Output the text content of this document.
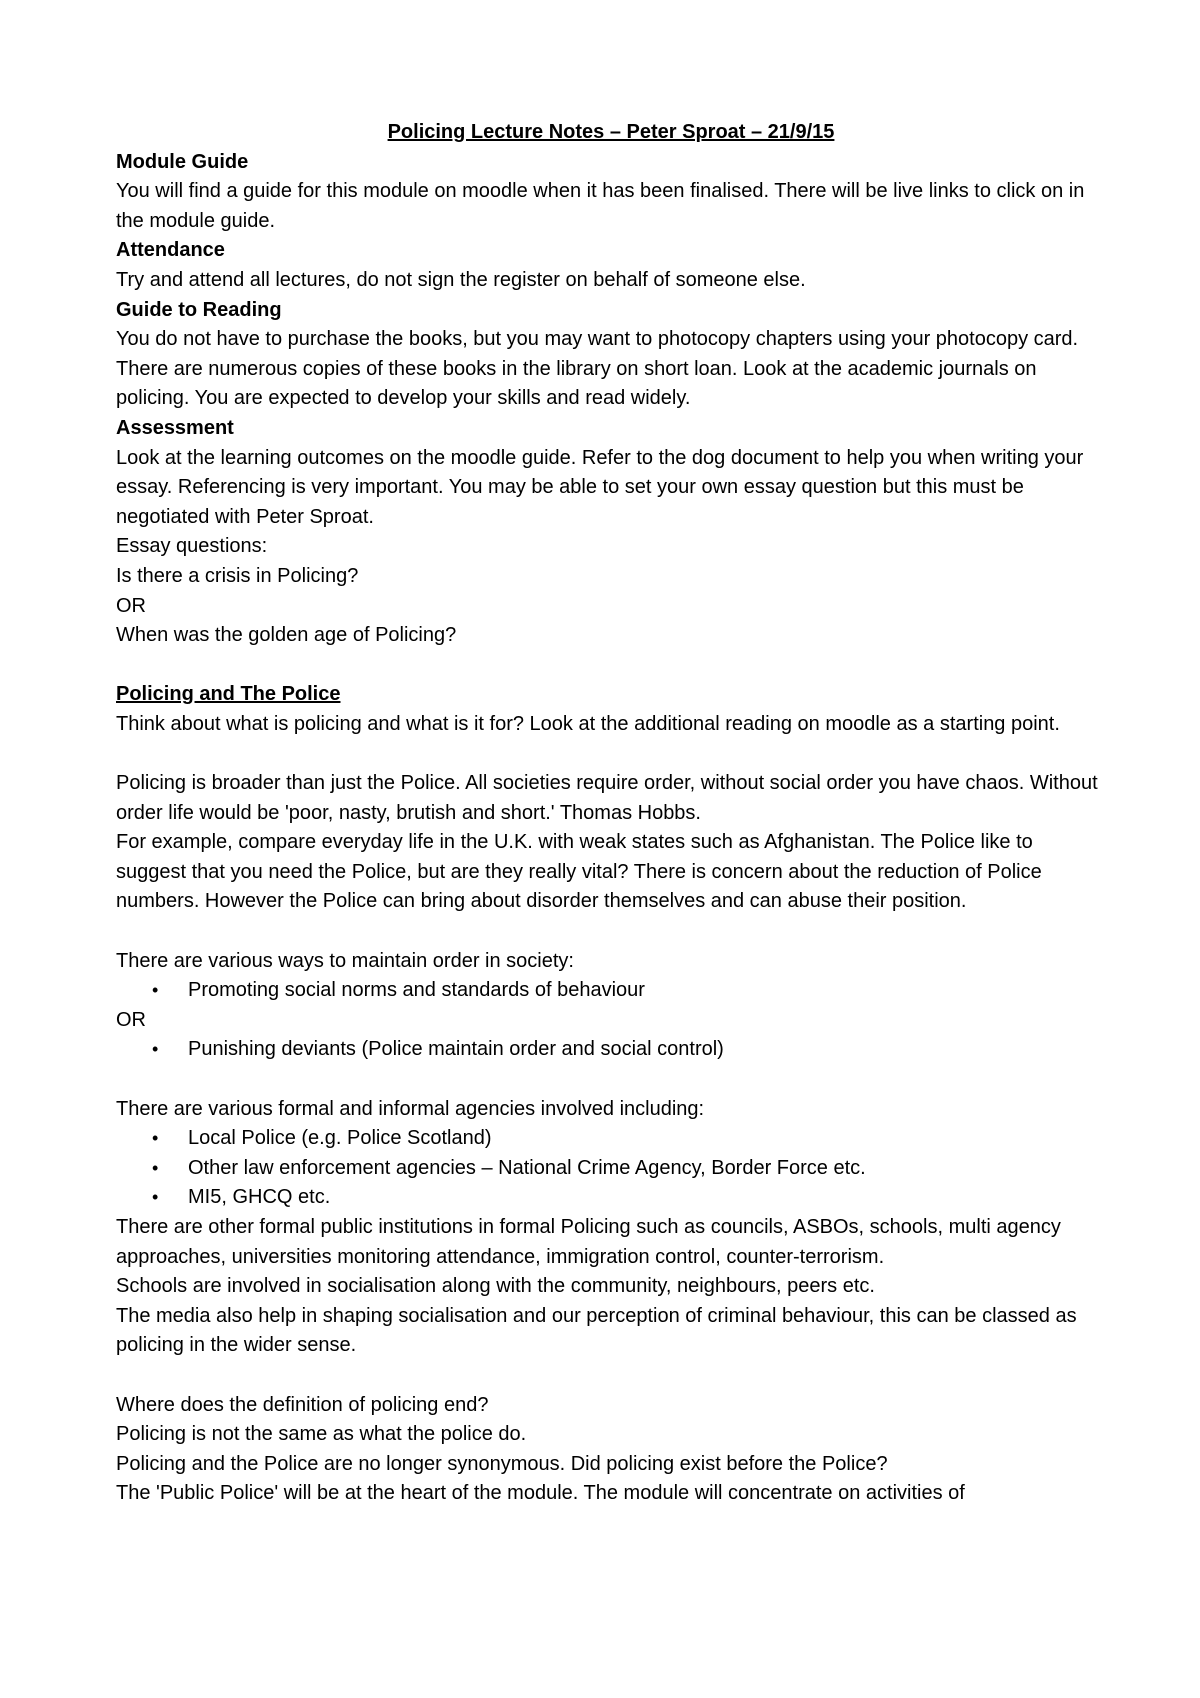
Policing Lecture Notes – Peter Sproat – 21/9/15

Module Guide

You will find a guide for this module on moodle when it has been finalised. There will be live links to click on in the module guide.

Attendance

Try and attend all lectures, do not sign the register on behalf of someone else.

Guide to Reading

You do not have to purchase the books, but you may want to photocopy chapters using your photocopy card. There are numerous copies of these books in the library on short loan. Look at the academic journals on policing. You are expected to develop your skills and read widely.

Assessment

Look at the learning outcomes on the moodle guide. Refer to the dog document to help you when writing your essay. Referencing is very important. You may be able to set your own essay question but this must be negotiated with Peter Sproat.

Essay questions:

Is there a crisis in Policing?

OR

When was the golden age of Policing?

Policing and The Police

Think about what is policing and what is it for? Look at the additional reading on moodle as a starting point.

Policing is broader than just the Police. All societies require order, without social order you have chaos. Without order life would be 'poor, nasty, brutish and short.' Thomas Hobbs.

For example, compare everyday life in the U.K. with weak states such as Afghanistan. The Police like to suggest that you need the Police, but are they really vital? There is concern about the reduction of Police numbers. However the Police can bring about disorder themselves and can abuse their position.

There are various ways to maintain order in society:

• Promoting social norms and standards of behaviour

OR

• Punishing deviants (Police maintain order and social control)

There are various formal and informal agencies involved including:

• Local Police (e.g. Police Scotland)
• Other law enforcement agencies – National Crime Agency, Border Force etc.
• MI5, GHCQ etc.

There are other formal public institutions in formal Policing such as councils, ASBOs, schools, multi agency approaches, universities monitoring attendance, immigration control, counter-terrorism.

Schools are involved in socialisation along with the community, neighbours, peers etc.

The media also help in shaping socialisation and our perception of criminal behaviour, this can be classed as policing in the wider sense.

Where does the definition of policing end?

Policing is not the same as what the police do.

Policing and the Police are no longer synonymous. Did policing exist before the Police?

The 'Public Police' will be at the heart of the module. The module will concentrate on activities of
